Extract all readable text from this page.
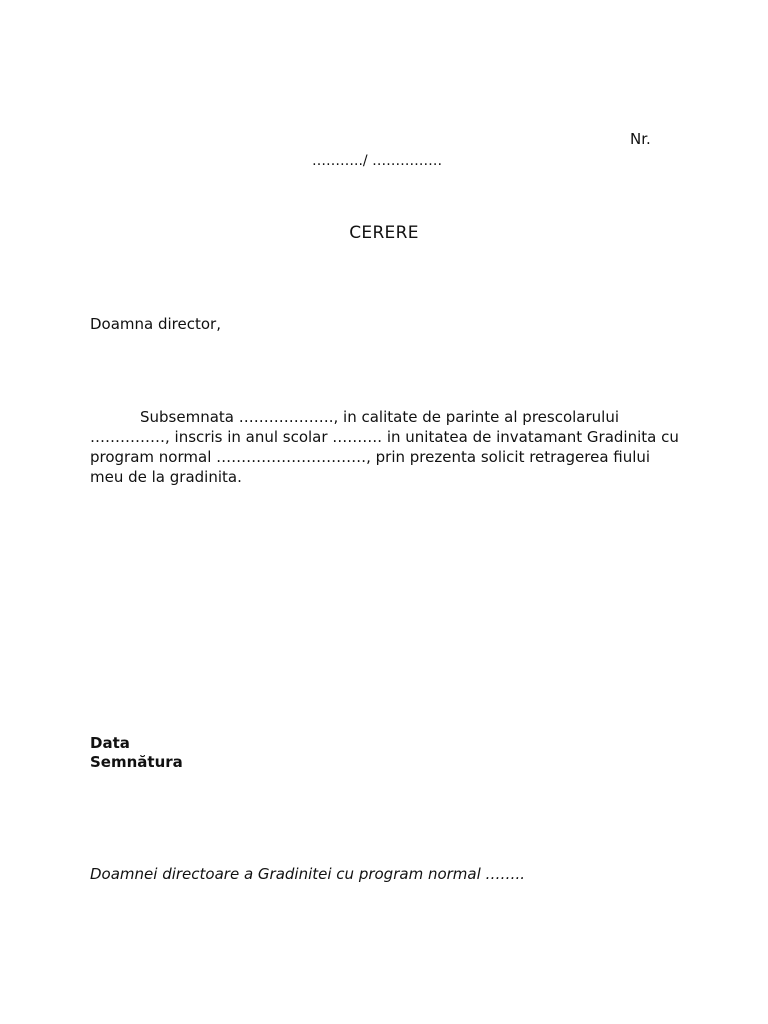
Nr.
………../ ……………
CERERE
Doamna director,
Subsemnata ………………., in calitate de parinte al prescolarului ……………, inscris in anul scolar ………. in unitatea de invatamant Gradinita cu program normal …………………………, prin prezenta solicit retragerea fiului meu de la gradinita.
Data
Semnătura
Doamnei directoare a Gradinitei cu program normal ……..
